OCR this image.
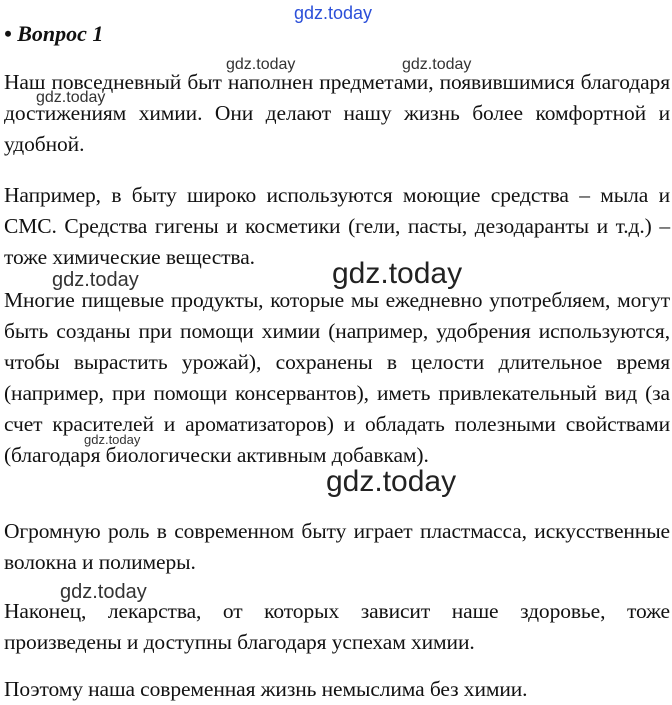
• Вопрос 1

Наш повседневный быт наполнен предметами, появившимися благодаря достижениям химии. Они делают нашу жизнь более комфортной и удобной.

Например, в быту широко используются моющие средства – мыла и СМС. Средства гигены и косметики (гели, пасты, дезодаранты и т.д.) – тоже химические вещества.

Многие пищевые продукты, которые мы ежедневно употребляем, могут быть созданы при помощи химии (например, удобрения используются, чтобы вырастить урожай), сохранены в целости длительное время (например, при помощи консервантов), иметь привлекательный вид (за счет красителей и ароматизаторов) и обладать полезными свойствами (благодаря биологически активным добавкам).

Огромную роль в современном быту играет пластмасса, искусственные волокна и полимеры.

Наконец, лекарства, от которых зависит наше здоровье, тоже произведены и доступны благодаря успехам химии.

Поэтому наша современная жизнь немыслима без химии.

gdz.today
gdz.today	gdz.today
gdz.today
gdz.today	gdz.today
gdz.today
gdz.today
gdz.today
